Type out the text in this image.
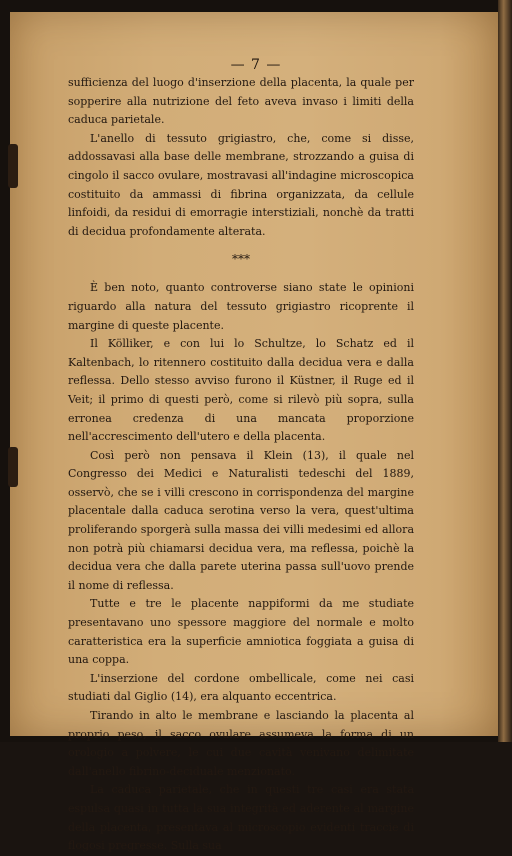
— 7 —

sufficienza del luogo d'inserzione della placenta, la quale per sopperire alla nutrizione del feto aveva invaso i limiti della caduca parietale.

L'anello di tessuto grigiastro, che, come si disse, addossavasi alla base delle membrane, strozzando a guisa di cingolo il sacco ovulare, mostravasi all'indagine microscopica costituito da ammassi di fibrina organizzata, da cellule linfoidi, da residui di emorragie interstiziali, nonchè da tratti di decidua profondamente alterata.

***

È ben noto, quanto controverse siano state le opinioni riguardo alla natura del tessuto grigiastro ricoprente il margine di queste placente.

Il Kölliker, e con lui lo Schultze, lo Schatz ed il Kaltenbach, lo ritennero costituito dalla decidua vera e dalla reflessa. Dello stesso avviso furono il Küstner, il Ruge ed il Veit; il primo di questi però, come si rilevò più sopra, sulla erronea credenza di una mancata proporzione nell'accrescimento dell'utero e della placenta.

Così però non pensava il Klein (13), il quale nel Congresso dei Medici e Naturalisti tedeschi del 1889, osservò, che se i villi crescono in corrispondenza del margine placentale dalla caduca serotina verso la vera, quest'ultima proliferando sporgerà sulla massa dei villi medesimi ed allora non potrà più chiamarsi decidua vera, ma reflessa, poichè la decidua vera che dalla parete uterina passa sull'uovo prende il nome di reflessa.

Tutte e tre le placente nappiformi da me studiate presentavano uno spessore maggiore del normale e molto caratteristica era la superficie amniotica foggiata a guisa di una coppa.

L'inserzione del cordone ombellicale, come nei casi studiati dal Giglio (14), era alquanto eccentrica.

Tirando in alto le membrane e lasciando la placenta al proprio peso, il sacco ovulare assumeva la forma di un orologio a polvere, le cui due cavità venivano delimitate dall'anello fibrino-deciduale menzionato.

La caduca parietale, che in questi tre casi era stata espulsa quasi in tutta la sua integrità ed aderente al margine della placenta, presentava al microscopio evidenti traccie di flogosi pregresse. Sulla sua
